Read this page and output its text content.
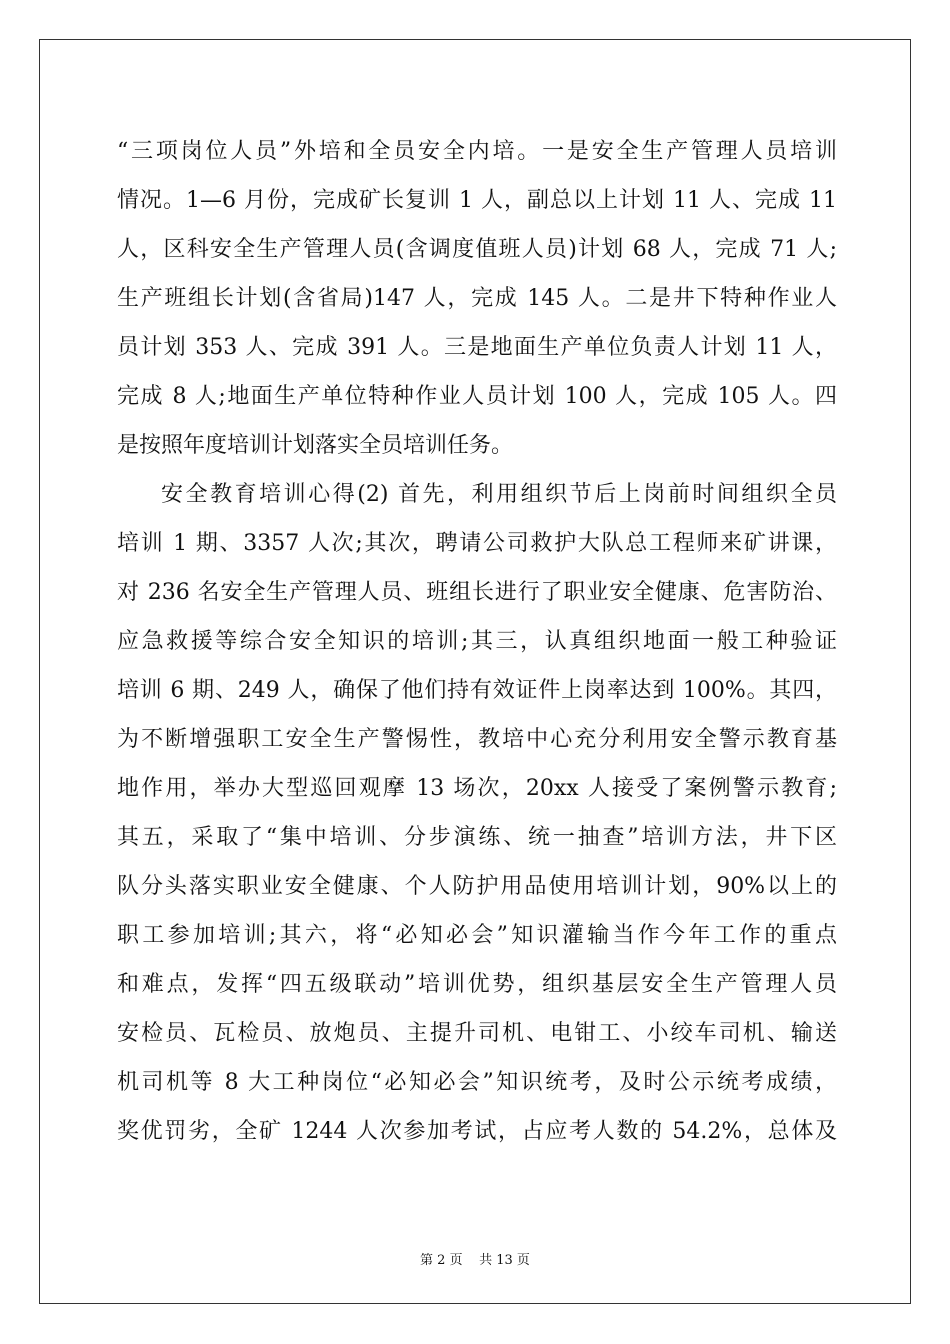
“三项岗位人员”外培和全员安全内培。一是安全生产管理人员培训
情况。1—6 月份，完成矿长复训 1 人，副总以上计划 11 人、完成 11
人，区科安全生产管理人员(含调度值班人员)计划 68 人，完成 71 人;
生产班组长计划(含省局)147 人，完成 145 人。二是井下特种作业人
员计划 353 人、完成 391 人。三是地面生产单位负责人计划 11 人，
完成 8 人;地面生产单位特种作业人员计划 100 人，完成 105 人。四
是按照年度培训计划落实全员培训任务。
安全教育培训心得(2) 首先，利用组织节后上岗前时间组织全员
培训 1 期、3357 人次;其次，聘请公司救护大队总工程师来矿讲课，
对 236 名安全生产管理人员、班组长进行了职业安全健康、危害防治、
应急救援等综合安全知识的培训;其三，认真组织地面一般工种验证
培训 6 期、249 人，确保了他们持有效证件上岗率达到 100%。其四，
为不断增强职工安全生产警惕性，教培中心充分利用安全警示教育基
地作用，举办大型巡回观摩 13 场次，20xx 人接受了案例警示教育;
其五，采取了“集中培训、分步演练、统一抽查”培训方法，井下区
队分头落实职业安全健康、个人防护用品使用培训计划，90%以上的
职工参加培训;其六，将“必知必会”知识灌输当作今年工作的重点
和难点，发挥“四五级联动”培训优势，组织基层安全生产管理人员
安检员、瓦检员、放炮员、主提升司机、电钳工、小绞车司机、输送
机司机等 8 大工种岗位“必知必会”知识统考，及时公示统考成绩，
奖优罚劣，全矿 1244 人次参加考试，占应考人数的 54.2%，总体及
第 2 页 共 13 页
